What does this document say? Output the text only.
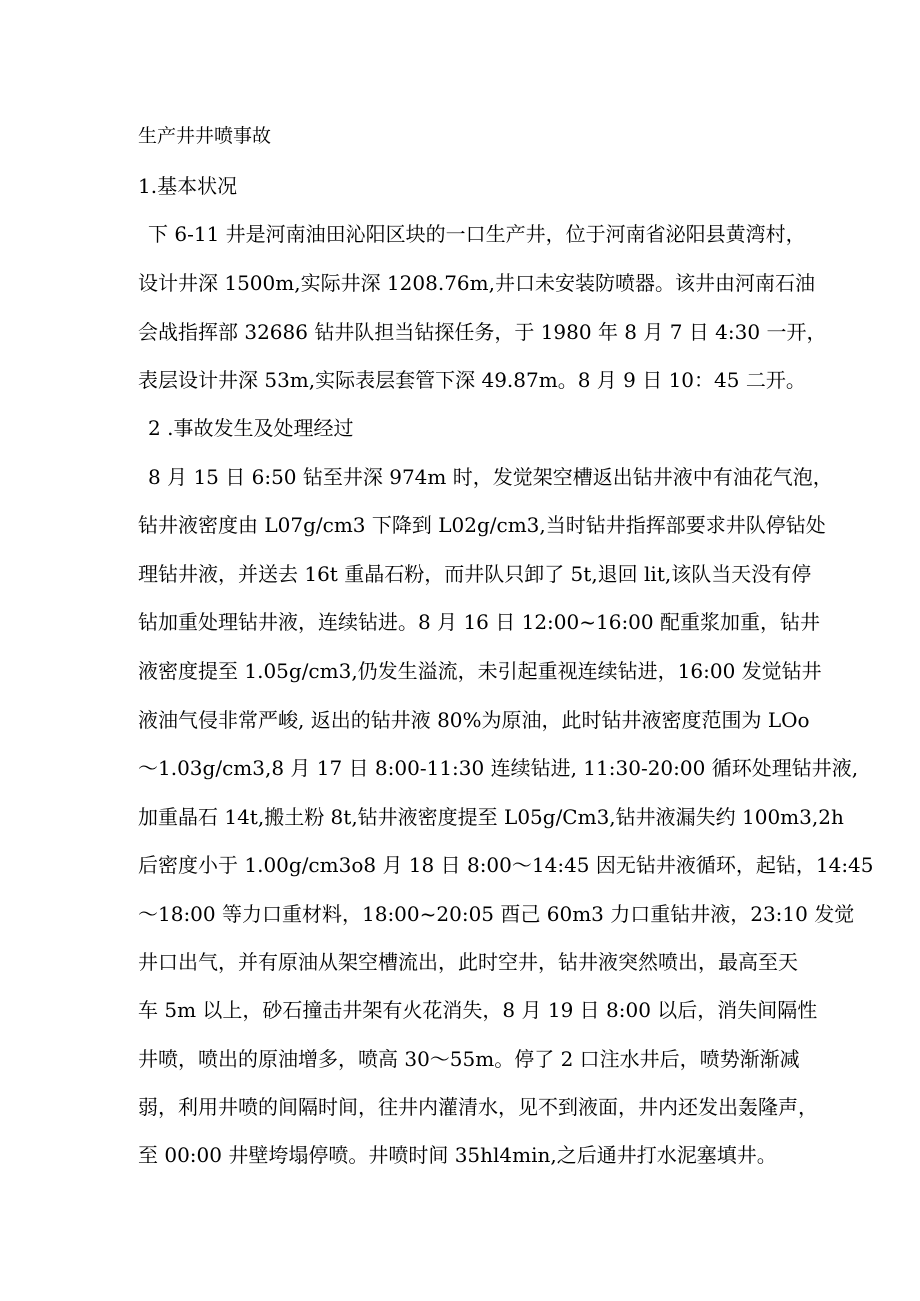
生产井井喷事故
1.基本状况
下 6-11 井是河南油田沁阳区块的一口生产井，位于河南省泌阳县黄湾村，
设计井深 1500m,实际井深 1208.76m,井口未安装防喷器。该井由河南石油
会战指挥部 32686 钻井队担当钻探任务，于 1980 年 8 月 7 日 4:30 一开，
表层设计井深 53m,实际表层套管下深 49.87m。8 月 9 日 10：45 二开。
2 .事故发生及处理经过
8 月 15 日 6:50 钻至井深 974m 时，发觉架空槽返出钻井液中有油花气泡，
钻井液密度由 L07g∕cm3 下降到 L02g∕cm3,当时钻井指挥部要求井队停钻处
理钻井液，并送去 16t 重晶石粉，而井队只卸了 5t,退回 lit,该队当天没有停
钻加重处理钻井液，连续钻进。8 月 16 日 12:00~16:00 配重浆加重，钻井
液密度提至 1.05g∕cm3,仍发生溢流，未引起重视连续钻进，16:00 发觉钻井
液油气侵非常严峻, 返出的钻井液 80%为原油，此时钻井液密度范围为 LOo
～1.03g∕cm3,8 月 17 日 8:00-11:30 连续钻进, 11:30-20:00 循环处理钻井液,
加重晶石 14t,搬土粉 8t,钻井液密度提至 L05g∕Cm3,钻井液漏失约 100m3,2h
后密度小于 1.00g∕cm3o8 月 18 日 8:00～14:45 因无钻井液循环，起钻，14:45
～18:00 等力口重材料，18:00~20:05 酉己 60m3 力口重钻井液，23:10 发觉
井口出气，并有原油从架空槽流出，此时空井，钻井液突然喷出，最高至天
车 5m 以上，砂石撞击井架有火花消失，8 月 19 日 8:00 以后，消失间隔性
井喷，喷出的原油增多，喷高 30～55m。停了 2 口注水井后，喷势渐渐减
弱，利用井喷的间隔时间，往井内灌清水，见不到液面，井内还发出轰隆声，
至 00:00 井壁垮塌停喷。井喷时间 35hl4min,之后通井打水泥塞填井。
